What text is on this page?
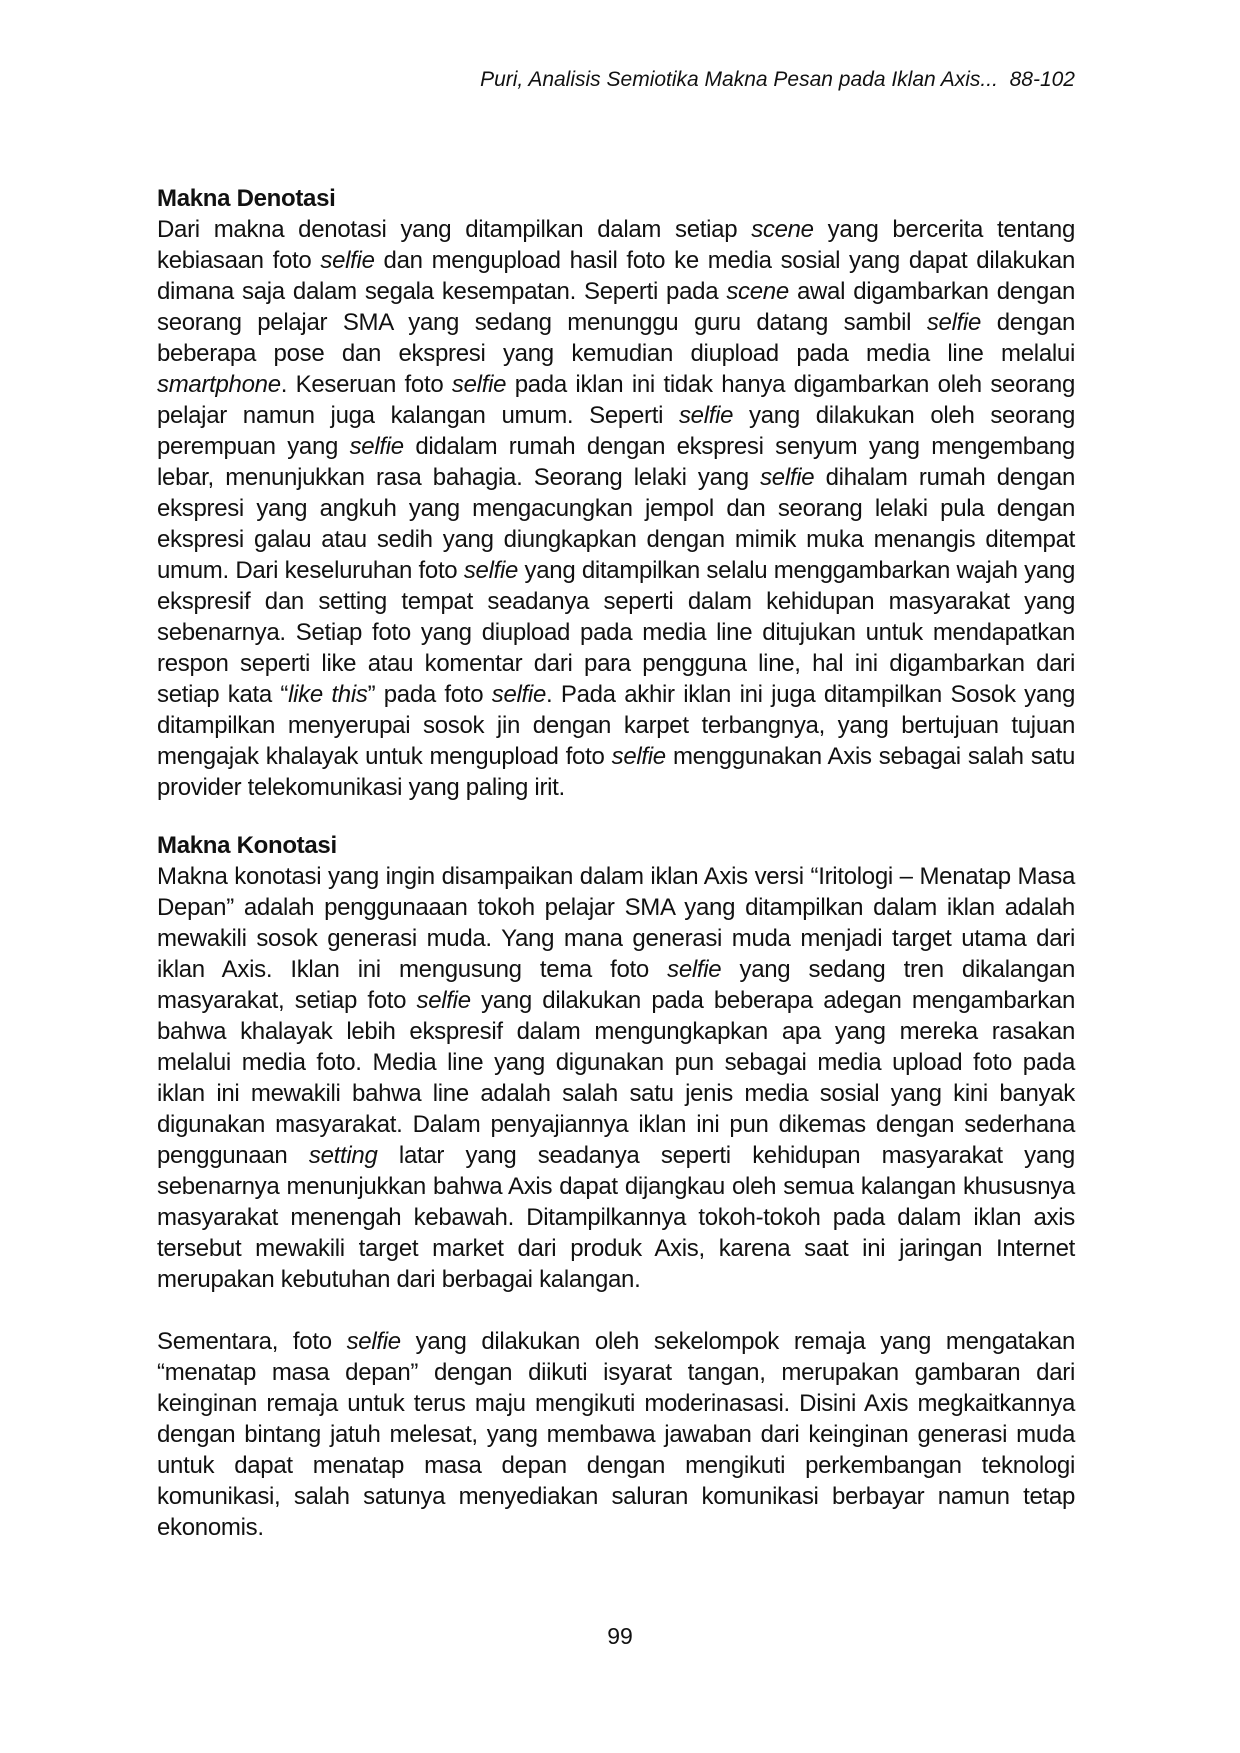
Puri, Analisis Semiotika Makna Pesan pada Iklan Axis...  88-102
Makna Denotasi

Dari makna denotasi yang ditampilkan dalam setiap scene yang bercerita tentang kebiasaan foto selfie dan mengupload hasil foto ke media sosial yang dapat dilakukan dimana saja dalam segala kesempatan. Seperti pada scene awal digambarkan dengan seorang pelajar SMA yang sedang menunggu guru datang sambil selfie dengan beberapa pose dan ekspresi yang kemudian diupload pada media line melalui smartphone. Keseruan foto selfie pada iklan ini tidak hanya digambarkan oleh seorang pelajar namun juga kalangan umum. Seperti selfie yang dilakukan oleh seorang perempuan yang selfie didalam rumah dengan ekspresi senyum yang mengembang lebar, menunjukkan rasa bahagia. Seorang lelaki yang selfie dihalam rumah dengan ekspresi yang angkuh yang mengacungkan jempol dan seorang lelaki pula dengan ekspresi galau atau sedih yang diungkapkan dengan mimik muka menangis ditempat umum. Dari keseluruhan foto selfie yang ditampilkan selalu menggambarkan wajah yang ekspresif dan setting tempat seadanya seperti dalam kehidupan masyarakat yang sebenarnya. Setiap foto yang diupload pada media line ditujukan untuk mendapatkan respon seperti like atau komentar dari para pengguna line, hal ini digambarkan dari setiap kata “like this” pada foto selfie. Pada akhir iklan ini juga ditampilkan Sosok yang ditampilkan menyerupai sosok jin dengan karpet terbangnya, yang bertujuan tujuan mengajak khalayak untuk mengupload foto selfie menggunakan Axis sebagai salah satu provider telekomunikasi yang paling irit.

Makna Konotasi

Makna konotasi yang ingin disampaikan dalam iklan Axis versi “Iritologi – Menatap Masa Depan” adalah penggunaaan tokoh pelajar SMA yang ditampilkan dalam iklan adalah mewakili sosok generasi muda. Yang mana generasi muda menjadi target utama dari iklan Axis. Iklan ini mengusung tema foto selfie yang sedang tren dikalangan masyarakat, setiap foto selfie yang dilakukan pada beberapa adegan mengambarkan bahwa khalayak lebih ekspresif dalam mengungkapkan apa yang mereka rasakan melalui media foto. Media line yang digunakan pun sebagai media upload foto pada iklan ini mewakili bahwa line adalah salah satu jenis media sosial yang kini banyak digunakan masyarakat. Dalam penyajiannya iklan ini pun dikemas dengan sederhana penggunaan setting latar yang seadanya seperti kehidupan masyarakat yang sebenarnya menunjukkan bahwa Axis dapat dijangkau oleh semua kalangan khususnya masyarakat menengah kebawah. Ditampilkannya tokoh-tokoh pada dalam iklan axis tersebut mewakili target market dari produk Axis, karena saat ini jaringan Internet merupakan kebutuhan dari berbagai kalangan.

Sementara, foto selfie yang dilakukan oleh sekelompok remaja yang mengatakan “menatap masa depan” dengan diikuti isyarat tangan, merupakan gambaran dari keinginan remaja untuk terus maju mengikuti moderinasasi. Disini Axis megkaitkannya dengan bintang jatuh melesat, yang membawa jawaban dari keinginan generasi muda untuk dapat menatap masa depan dengan mengikuti perkembangan teknologi komunikasi, salah satunya menyediakan saluran komunikasi berbayar namun tetap ekonomis.

99
